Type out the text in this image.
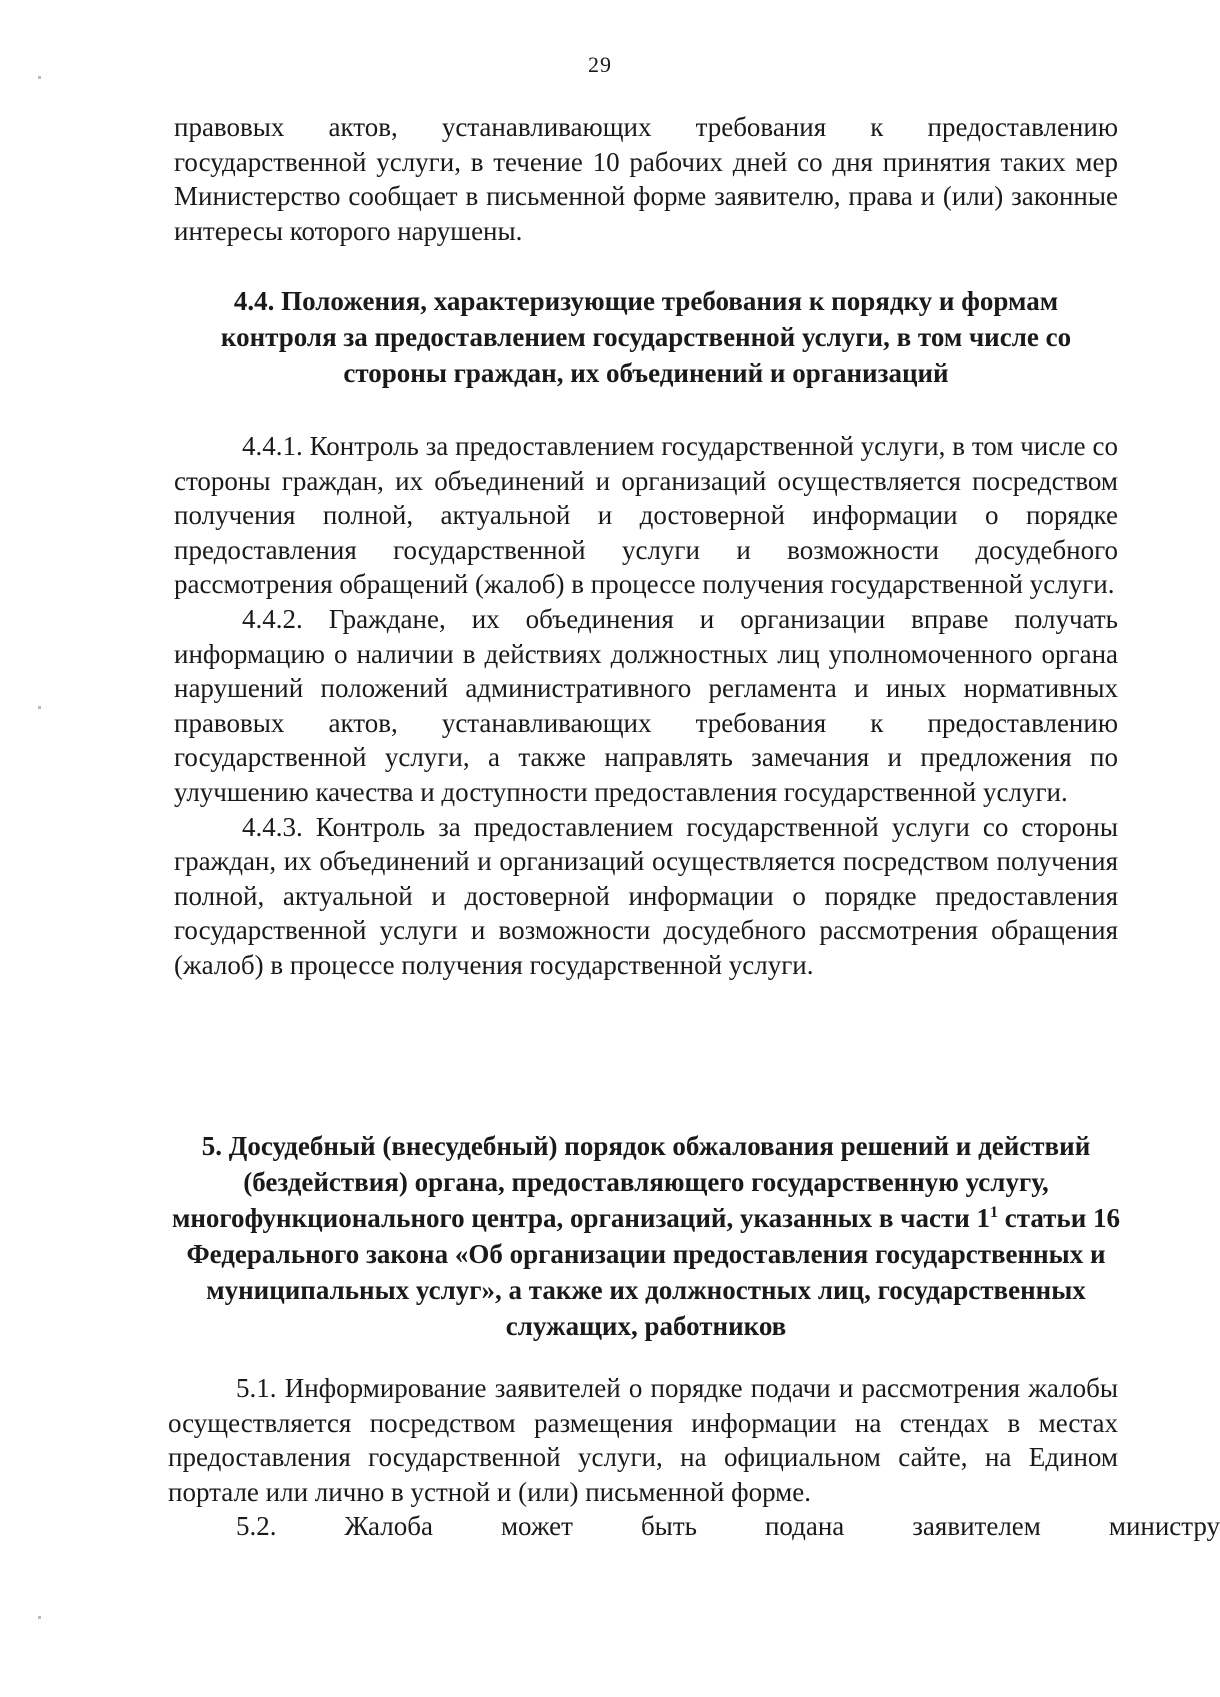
29

правовых актов, устанавливающих требования к предоставлению государственной услуги, в течение 10 рабочих дней со дня принятия таких мер Министерство сообщает в письменной форме заявителю, права и (или) законные интересы которого нарушены.

4.4. Положения, характеризующие требования к порядку и формам контроля за предоставлением государственной услуги, в том числе со стороны граждан, их объединений и организаций

4.4.1. Контроль за предоставлением государственной услуги, в том числе со стороны граждан, их объединений и организаций осуществляется посредством получения полной, актуальной и достоверной информации о порядке предоставления государственной услуги и возможности досудебного рассмотрения обращений (жалоб) в процессе получения государственной услуги.

4.4.2. Граждане, их объединения и организации вправе получать информацию о наличии в действиях должностных лиц уполномоченного органа нарушений положений административного регламента и иных нормативных правовых актов, устанавливающих требования к предоставлению государственной услуги, а также направлять замечания и предложения по улучшению качества и доступности предоставления государственной услуги.

4.4.3. Контроль за предоставлением государственной услуги со стороны граждан, их объединений и организаций осуществляется посредством получения полной, актуальной и достоверной информации о порядке предоставления государственной услуги и возможности досудебного рассмотрения обращения (жалоб) в процессе получения государственной услуги.

5. Досудебный (внесудебный) порядок обжалования решений и действий (бездействия) органа, предоставляющего государственную услугу, многофункционального центра, организаций, указанных в части $1^1$ статьи 16 Федерального закона «Об организации предоставления государственных и муниципальных услуг», а также их должностных лиц, государственных служащих, работников

5.1. Информирование заявителей о порядке подачи и рассмотрения жалобы осуществляется посредством размещения информации на стендах в местах предоставления государственной услуги, на официальном сайте, на Едином портале или лично в устной и (или) письменной форме.

5.2.	Жалоба	может	быть	подана	заявителем	министру
